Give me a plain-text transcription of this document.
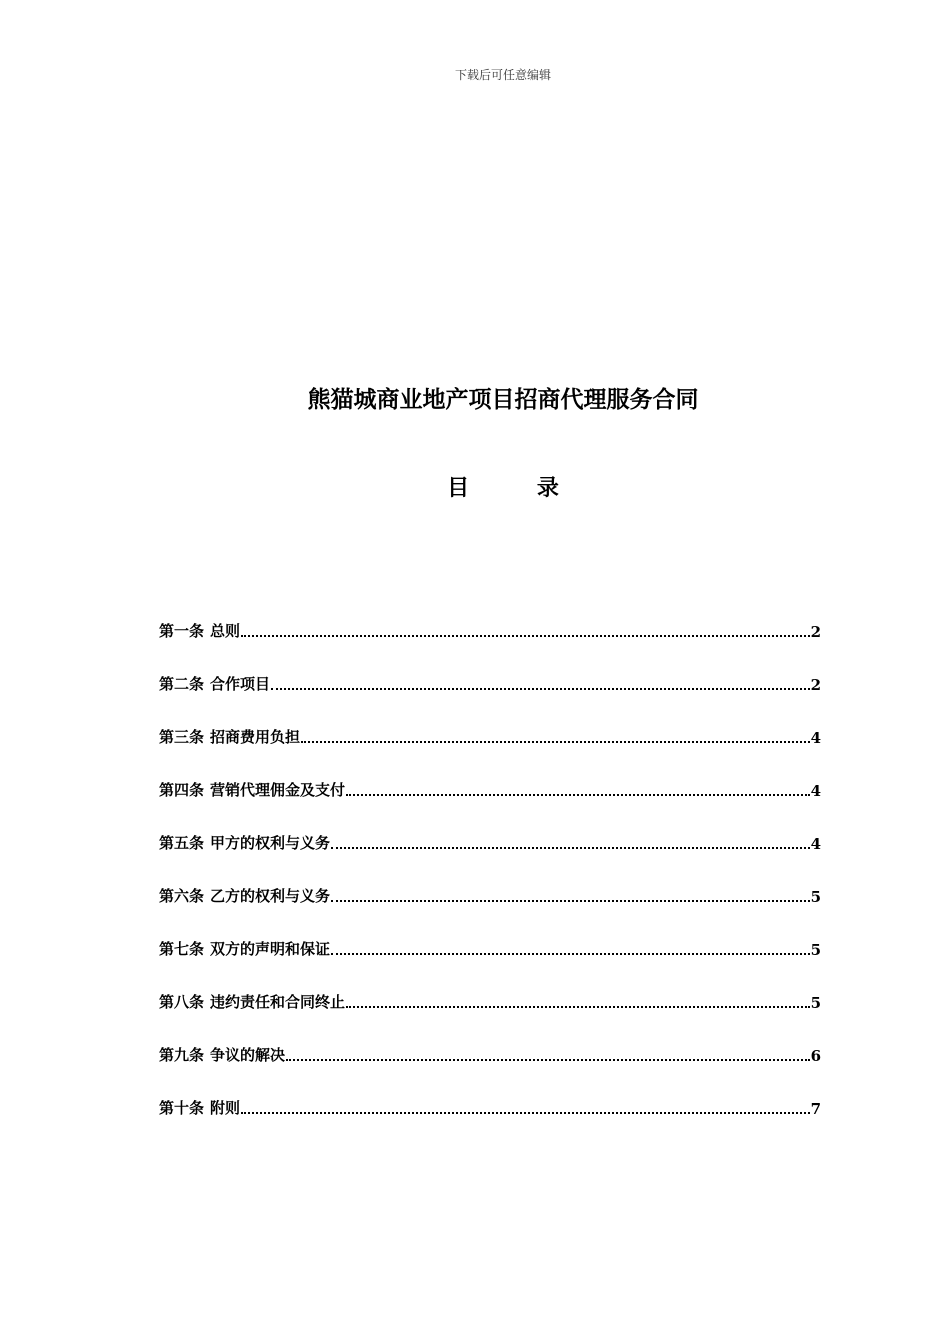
下载后可任意编辑
熊猫城商业地产项目招商代理服务合同
目 录
第一条 总则	2
第二条 合作项目	2
第三条 招商费用负担	4
第四条 营销代理佣金及支付	4
第五条 甲方的权利与义务	4
第六条 乙方的权利与义务	5
第七条 双方的声明和保证	5
第八条 违约责任和合同终止	5
第九条 争议的解决	6
第十条 附则	7
